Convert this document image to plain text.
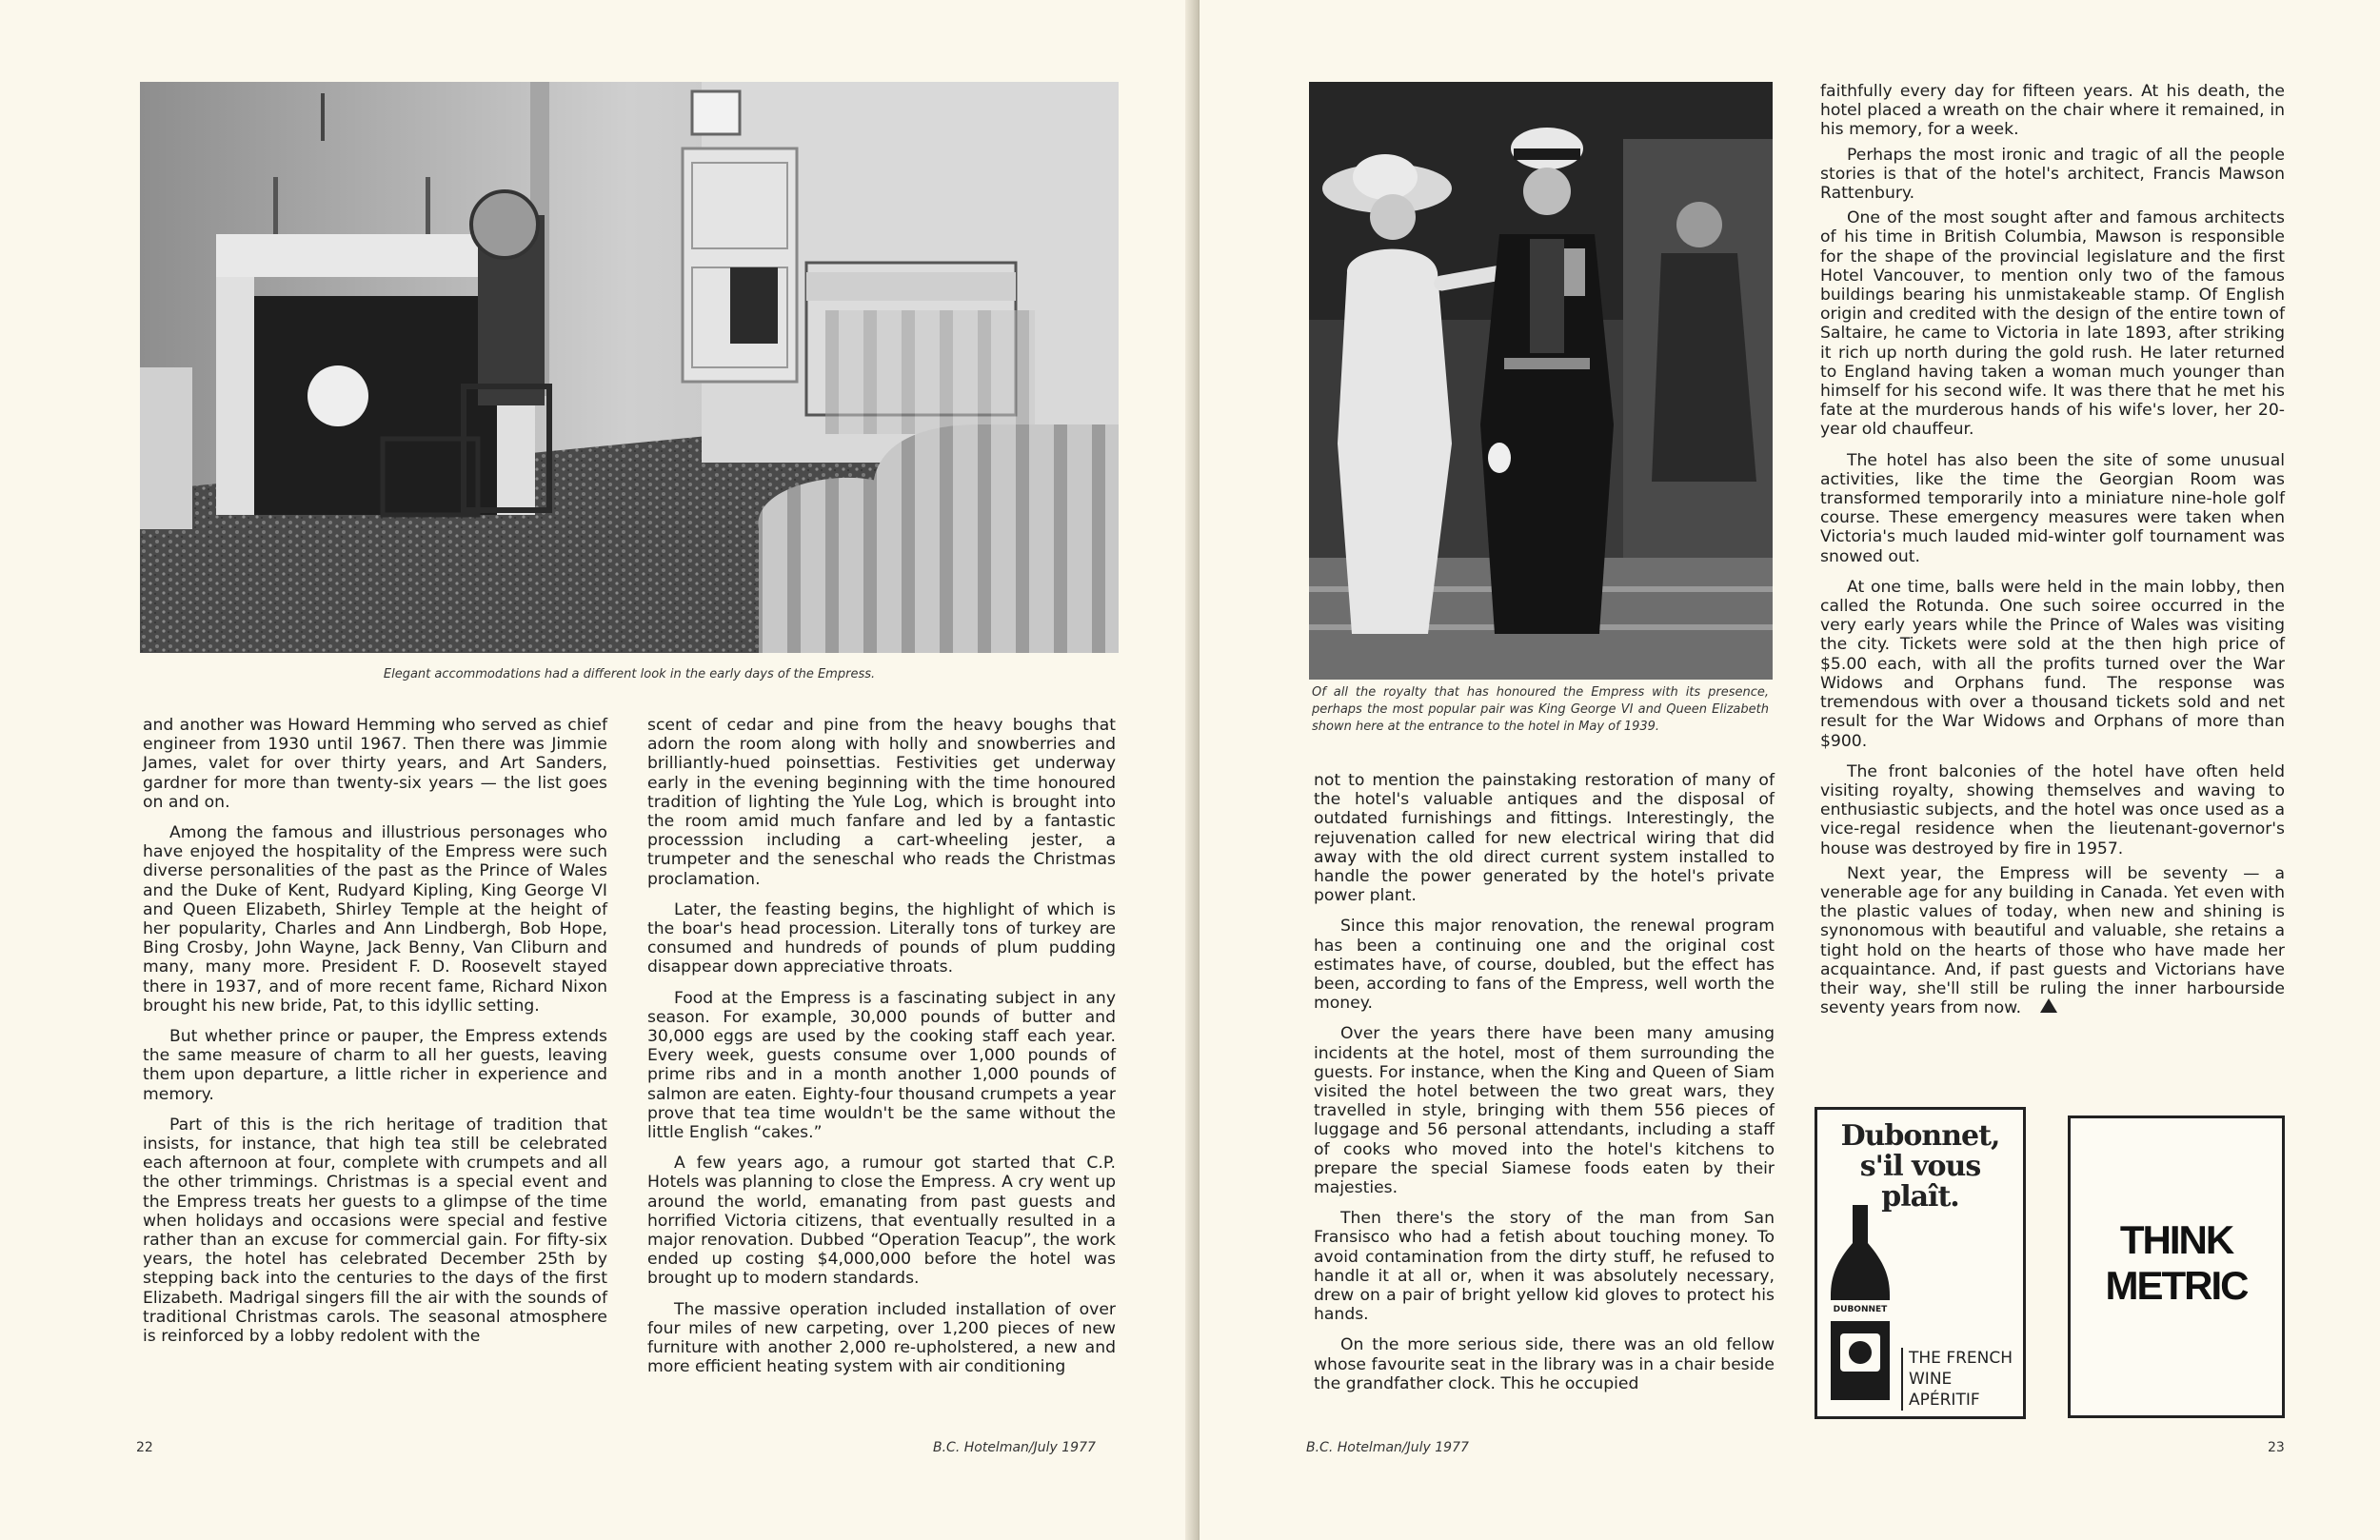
Elegant accommodations had a different look in the early days of the Empress.

and another was Howard Hemming who served as chief engineer from 1930 until 1967. Then there was Jimmie James, valet for over thirty years, and Art Sanders, gardner for more than twenty-six years — the list goes on and on.

Among the famous and illustrious personages who have enjoyed the hospitality of the Empress were such diverse personalities of the past as the Prince of Wales and the Duke of Kent, Rudyard Kipling, King George VI and Queen Elizabeth, Shirley Temple at the height of her popularity, Charles and Ann Lindbergh, Bob Hope, Bing Crosby, John Wayne, Jack Benny, Van Cliburn and many, many more. President F. D. Roosevelt stayed there in 1937, and of more recent fame, Richard Nixon brought his new bride, Pat, to this idyllic setting.

But whether prince or pauper, the Empress extends the same measure of charm to all her guests, leaving them upon departure, a little richer in experience and memory.

Part of this is the rich heritage of tradition that insists, for instance, that high tea still be celebrated each afternoon at four, complete with crumpets and all the other trimmings. Christmas is a special event and the Empress treats her guests to a glimpse of the time when holidays and occasions were special and festive rather than an excuse for commercial gain. For fifty-six years, the hotel has celebrated December 25th by stepping back into the centuries to the days of the first Elizabeth. Madrigal singers fill the air with the sounds of traditional Christmas carols. The seasonal atmosphere is reinforced by a lobby redolent with the

scent of cedar and pine from the heavy boughs that adorn the room along with holly and snowberries and brilliantly-hued poinsettias. Festivities get underway early in the evening beginning with the time honoured tradition of lighting the Yule Log, which is brought into the room amid much fanfare and led by a fantastic processsion including a cart-wheeling jester, a trumpeter and the seneschal who reads the Christmas proclamation.

Later, the feasting begins, the highlight of which is the boar's head procession. Literally tons of turkey are consumed and hundreds of pounds of plum pudding disappear down appreciative throats.

Food at the Empress is a fascinating subject in any season. For example, 30,000 pounds of butter and 30,000 eggs are used by the cooking staff each year. Every week, guests consume over 1,000 pounds of prime ribs and in a month another 1,000 pounds of salmon are eaten. Eighty-four thousand crumpets a year prove that tea time wouldn't be the same without the little English “cakes.”

A few years ago, a rumour got started that C.P. Hotels was planning to close the Empress. A cry went up around the world, emanating from past guests and horrified Victoria citizens, that eventually resulted in a major renovation. Dubbed “Operation Teacup”, the work ended up costing $4,000,000 before the hotel was brought up to modern standards.

The massive operation included installation of over four miles of new carpeting, over 1,200 pieces of new furniture with another 2,000 re-upholstered, a new and more efficient heating system with air conditioning

22	B.C. Hotelman/July 1977
Of all the royalty that has honoured the Empress with its presence, perhaps the most popular pair was King George VI and Queen Elizabeth shown here at the entrance to the hotel in May of 1939.

not to mention the painstaking restoration of many of the hotel's valuable antiques and the disposal of outdated furnishings and fittings. Interestingly, the rejuvenation called for new electrical wiring that did away with the old direct current system installed to handle the power generated by the hotel's private power plant.

Since this major renovation, the renewal program has been a continuing one and the original cost estimates have, of course, doubled, but the effect has been, according to fans of the Empress, well worth the money.

Over the years there have been many amusing incidents at the hotel, most of them surrounding the guests. For instance, when the King and Queen of Siam visited the hotel between the two great wars, they travelled in style, bringing with them 556 pieces of luggage and 56 personal attendants, including a staff of cooks who moved into the hotel's kitchens to prepare the special Siamese foods eaten by their majesties.

Then there's the story of the man from San Fransisco who had a fetish about touching money. To avoid contamination from the dirty stuff, he refused to handle it at all or, when it was absolutely necessary, drew on a pair of bright yellow kid gloves to protect his hands.

On the more serious side, there was an old fellow whose favourite seat in the library was in a chair beside the grandfather clock. This he occupied

faithfully every day for fifteen years. At his death, the hotel placed a wreath on the chair where it remained, in his memory, for a week.

Perhaps the most ironic and tragic of all the people stories is that of the hotel's architect, Francis Mawson Rattenbury.

One of the most sought after and famous architects of his time in British Columbia, Mawson is responsible for the shape of the provincial legislature and the first Hotel Vancouver, to mention only two of the famous buildings bearing his unmistakeable stamp. Of English origin and credited with the design of the entire town of Saltaire, he came to Victoria in late 1893, after striking it rich up north during the gold rush. He later returned to England having taken a woman much younger than himself for his second wife. It was there that he met his fate at the murderous hands of his wife's lover, her 20-year old chauffeur.

The hotel has also been the site of some unusual activities, like the time the Georgian Room was transformed temporarily into a miniature nine-hole golf course. These emergency measures were taken when Victoria's much lauded mid-winter golf tournament was snowed out.

At one time, balls were held in the main lobby, then called the Rotunda. One such soiree occurred in the very early years while the Prince of Wales was visiting the city. Tickets were sold at the then high price of $5.00 each, with all the profits turned over the War Widows and Orphans fund. The response was tremendous with over a thousand tickets sold and net result for the War Widows and Orphans of more than $900.

The front balconies of the hotel have often held visiting royalty, showing themselves and waving to enthusiastic subjects, and the hotel was once used as a vice-regal residence when the lieutenant-governor's house was destroyed by fire in 1957.

Next year, the Empress will be seventy — a venerable age for any building in Canada. Yet even with the plastic values of today, when new and shining is synonomous with beautiful and valuable, she retains a tight hold on the hearts of those who have made her acquaintance. And, if past guests and Victorians have their way, she'll still be ruling the inner harbourside seventy years from now.

Dubonnet,
s'il vous plaît.
DUBONNET
THE FRENCH
WINE APÉRITIF
THINK
METRIC
B.C. Hotelman/July 1977	23
